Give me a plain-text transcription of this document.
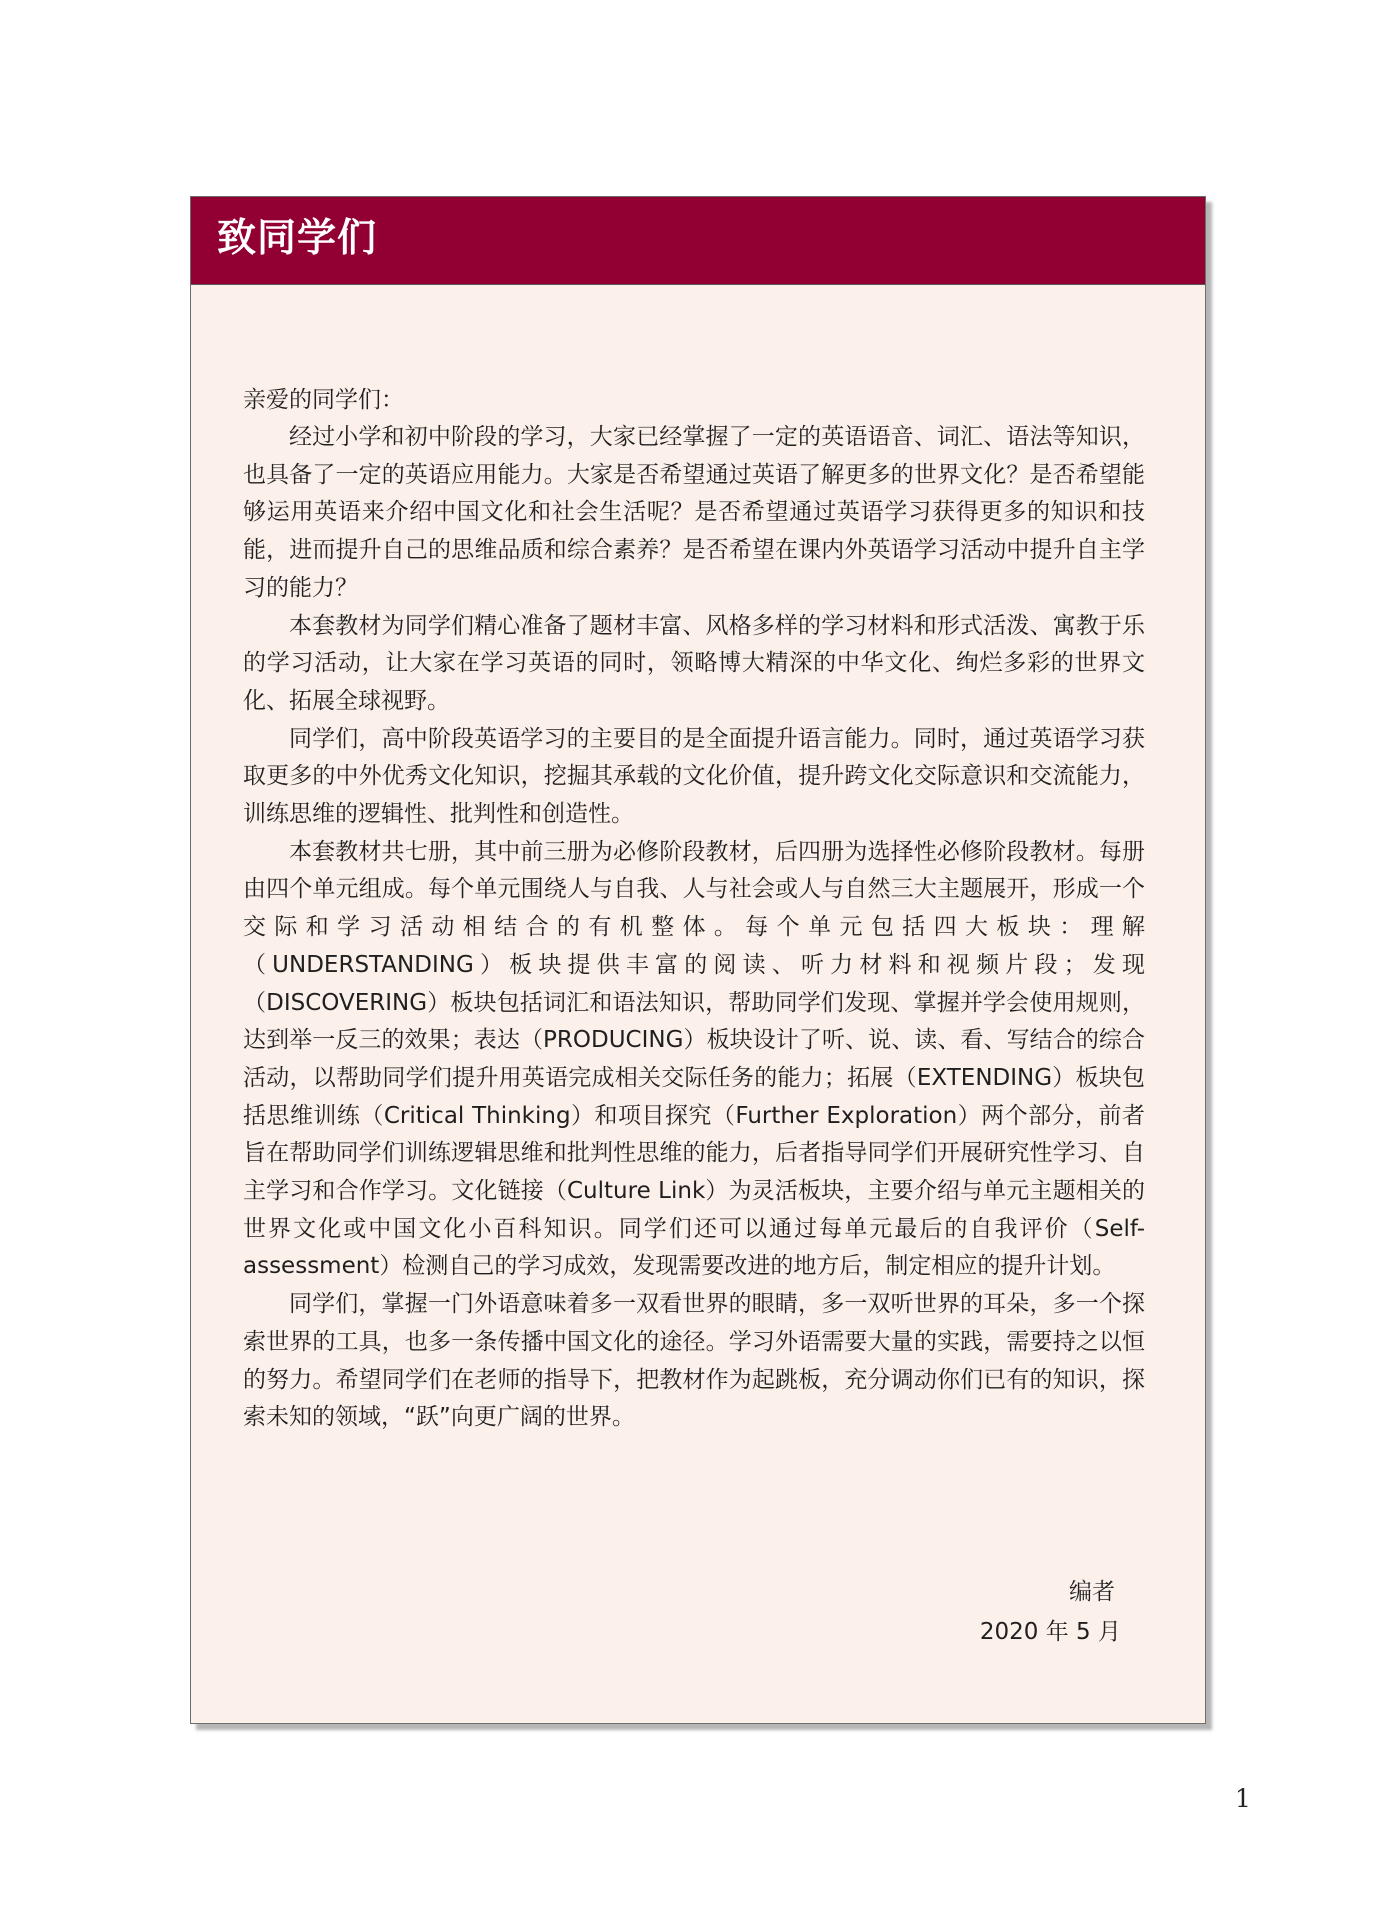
致同学们

亲爱的同学们：

经过小学和初中阶段的学习，大家已经掌握了一定的英语语音、词汇、语法等知识，也具备了一定的英语应用能力。大家是否希望通过英语了解更多的世界文化？是否希望能够运用英语来介绍中国文化和社会生活呢？是否希望通过英语学习获得更多的知识和技能，进而提升自己的思维品质和综合素养？是否希望在课内外英语学习活动中提升自主学习的能力？

本套教材为同学们精心准备了题材丰富、风格多样的学习材料和形式活泼、寓教于乐的学习活动，让大家在学习英语的同时，领略博大精深的中华文化、绚烂多彩的世界文化、拓展全球视野。

同学们，高中阶段英语学习的主要目的是全面提升语言能力。同时，通过英语学习获取更多的中外优秀文化知识，挖掘其承载的文化价值，提升跨文化交际意识和交流能力，训练思维的逻辑性、批判性和创造性。

本套教材共七册，其中前三册为必修阶段教材，后四册为选择性必修阶段教材。每册由四个单元组成。每个单元围绕人与自我、人与社会或人与自然三大主题展开，形成一个交际和学习活动相结合的有机整体。每个单元包括四大板块：理解（UNDERSTANDING）板块提供丰富的阅读、听力材料和视频片段；发现（DISCOVERING）板块包括词汇和语法知识，帮助同学们发现、掌握并学会使用规则，达到举一反三的效果；表达（PRODUCING）板块设计了听、说、读、看、写结合的综合活动，以帮助同学们提升用英语完成相关交际任务的能力；拓展（EXTENDING）板块包括思维训练（Critical Thinking）和项目探究（Further Exploration）两个部分，前者旨在帮助同学们训练逻辑思维和批判性思维的能力，后者指导同学们开展研究性学习、自主学习和合作学习。文化链接（Culture Link）为灵活板块，主要介绍与单元主题相关的世界文化或中国文化小百科知识。同学们还可以通过每单元最后的自我评价（Self-assessment）检测自己的学习成效，发现需要改进的地方后，制定相应的提升计划。

同学们，掌握一门外语意味着多一双看世界的眼睛，多一双听世界的耳朵，多一个探索世界的工具，也多一条传播中国文化的途径。学习外语需要大量的实践，需要持之以恒的努力。希望同学们在老师的指导下，把教材作为起跳板，充分调动你们已有的知识，探索未知的领域，“跃”向更广阔的世界。

编者
2020 年 5 月
1
